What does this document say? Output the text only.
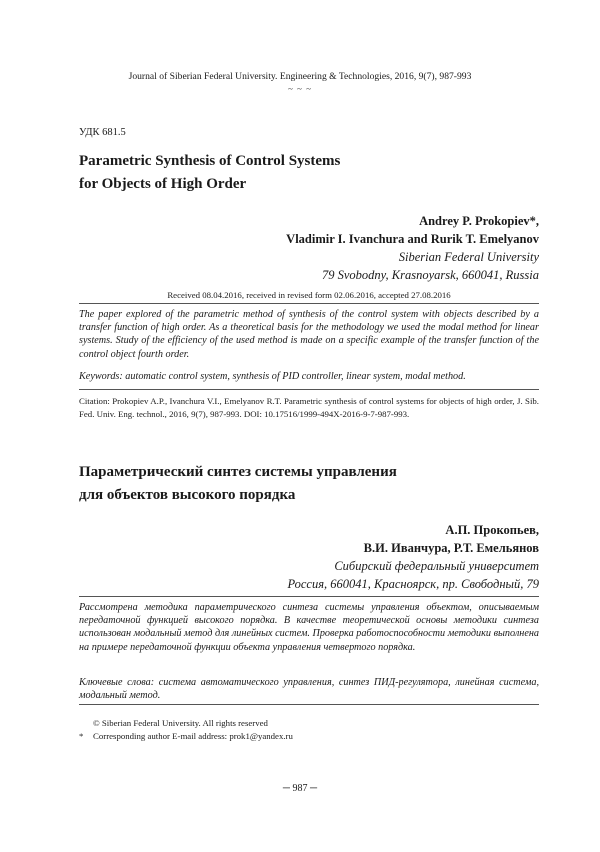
Journal of Siberian Federal University. Engineering & Technologies, 2016, 9(7), 987-993
~ ~ ~
УДК 681.5
Parametric Synthesis of Control Systems
for Objects of High Order
Andrey P. Prokopiev*,
Vladimir I. Ivanchura and Rurik T. Emelyanov
Siberian Federal University
79 Svobodny, Krasnoyarsk, 660041, Russia
Received 08.04.2016, received in revised form 02.06.2016, accepted 27.08.2016
The paper explored of the parametric method of synthesis of the control system with objects described by a transfer function of high order. As a theoretical basis for the methodology we used the modal method for linear systems. Study of the efficiency of the used method is made on a specific example of the transfer function of the control object fourth order.
Keywords: automatic control system, synthesis of PID controller, linear system, modal method.
Citation: Prokopiev A.P., Ivanchura V.I., Emelyanov R.T. Parametric synthesis of control systems for objects of high order, J. Sib. Fed. Univ. Eng. technol., 2016, 9(7), 987-993. DOI: 10.17516/1999-494X-2016-9-7-987-993.
Параметрический синтез системы управления
для объектов высокого порядка
А.П. Прокопьев,
В.И. Иванчура, Р.Т. Емельянов
Сибирский федеральный университет
Россия, 660041, Красноярск, пр. Свободный, 79
Рассмотрена методика параметрического синтеза системы управления объектом, описываемым передаточной функцией высокого порядка. В качестве теоретической основы методики синтеза использован модальный метод для линейных систем. Проверка работоспособности методики выполнена на примере передаточной функции объекта управления четвертого порядка.
Ключевые слова: система автоматического управления, синтез ПИД-регулятора, линейная система, модальный метод.
© Siberian Federal University. All rights reserved
* Corresponding author E-mail address: prok1@yandex.ru
─ 987 ─
